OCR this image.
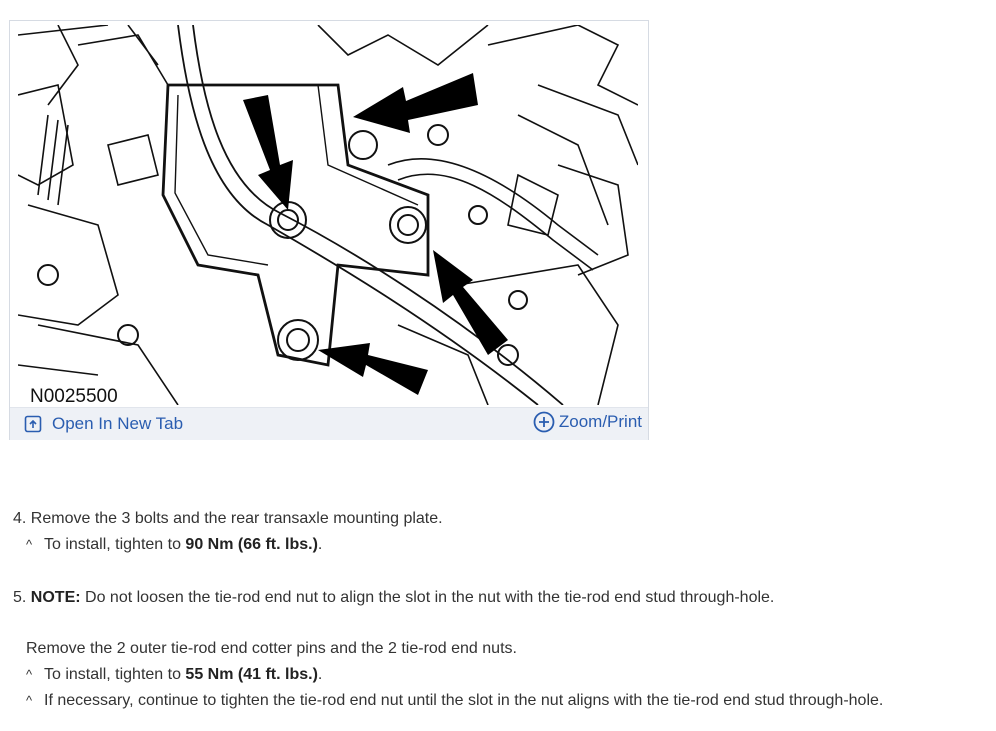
N0025500
Open In New Tab	Zoom/Print
4. Remove the 3 bolts and the rear transaxle mounting plate.
^ To install, tighten to 90 Nm (66 ft. lbs.).
5. NOTE: Do not loosen the tie-rod end nut to align the slot in the nut with the tie-rod end stud through-hole.
Remove the 2 outer tie-rod end cotter pins and the 2 tie-rod end nuts.
^ To install, tighten to 55 Nm (41 ft. lbs.).
^ If necessary, continue to tighten the tie-rod end nut until the slot in the nut aligns with the tie-rod end stud through-hole.
